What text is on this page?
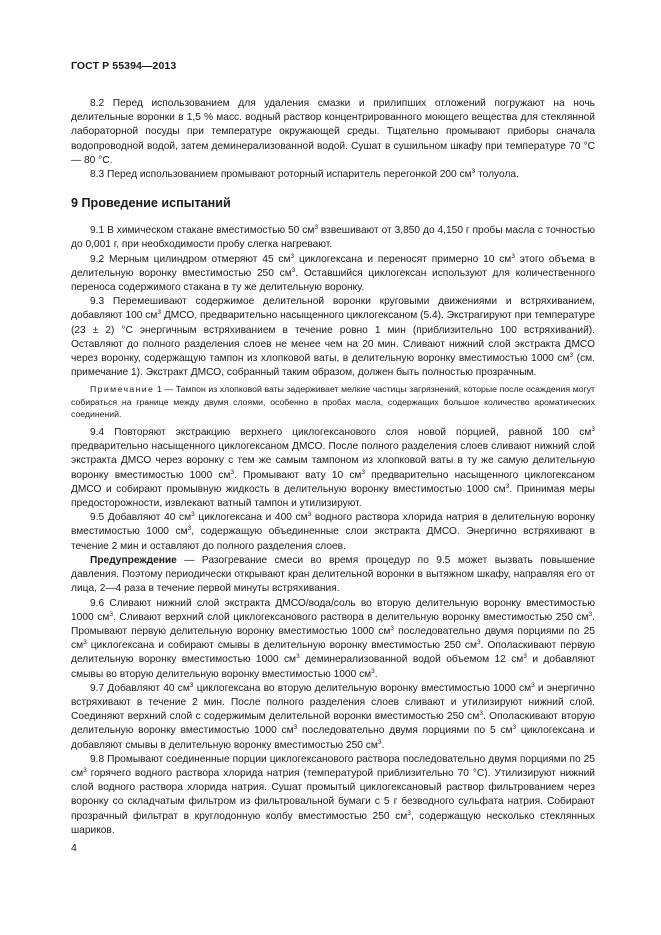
ГОСТ Р 55394—2013

8.2 Перед использованием для удаления смазки и прилипших отложений погружают на ночь делительные воронки в 1,5 % масс. водный раствор концентрированного моющего вещества для стеклянной лабораторной посуды при температуре окружающей среды. Тщательно промывают приборы сначала водопроводной водой, затем деминерализованной водой. Сушат в сушильном шкафу при температуре 70 °С — 80 °С.

8.3 Перед использованием промывают роторный испаритель перегонкой 200 $см^3$ толуола.

9 Проведение испытаний

9.1 В химическом стакане вместимостью 50 $см^3$ взвешивают от 3,850 до 4,150 г пробы масла с точностью до 0,001 г, при необходимости пробу слегка нагревают.

9.2 Мерным цилиндром отмеряют 45 $см^3$ циклогексана и переносят примерно 10 $см^3$ этого объема в делительную воронку вместимостью 250 $см^3$. Оставшийся циклогексан используют для количественного переноса содержимого стакана в ту же делительную воронку.

9.3 Перемешивают содержимое делительной воронки круговыми движениями и встряхиванием, добавляют 100 $см^3$ ДМСО, предварительно насыщенного циклогексаном (5.4). Экстрагируют при температуре (23 ± 2) °С энергичным встряхиванием в течение ровно 1 мин (приблизительно 100 встряхиваний). Оставляют до полного разделения слоев не менее чем на 20 мин. Сливают нижний слой экстракта ДМСО через воронку, содержащую тампон из хлопковой ваты, в делительную воронку вместимостью 1000 $см^3$ (см. примечание 1). Экстракт ДМСО, собранный таким образом, должен быть полностью прозрачным.

Примечание 1 — Тампон из хлопковой ваты задерживает мелкие частицы загрязнений, которые после осаждения могут собираться на границе между двумя слоями, особенно в пробах масла, содержащих большое количество ароматических соединений.

9.4 Повторяют экстракцию верхнего циклогексанового слоя новой порцией, равной 100 $см^3$ предварительно насыщенного циклогексаном ДМСО. После полного разделения слоев сливают нижний слой экстракта ДМСО через воронку с тем же самым тампоном из хлопковой ваты в ту же самую делительную воронку вместимостью 1000 $см^3$. Промывают вату 10 $см^3$ предварительно насыщенного циклогексаном ДМСО и собирают промывную жидкость в делительную воронку вместимостью 1000 $см^3$. Принимая меры предосторожности, извлекают ватный тампон и утилизируют.

9.5 Добавляют 40 $см^3$ циклогексана и 400 $см^3$ водного раствора хлорида натрия в делительную воронку вместимостью 1000 $см^3$, содержащую объединенные слои экстракта ДМСО. Энергично встряхивают в течение 2 мин и оставляют до полного разделения слоев.

Предупреждение — Разогревание смеси во время процедур по 9.5 может вызвать повышение давления. Поэтому периодически открывают кран делительной воронки в вытяжном шкафу, направляя его от лица, 2—4 раза в течение первой минуты встряхивания.

9.6 Сливают нижний слой экстракта ДМСО/вода/соль во вторую делительную воронку вместимостью 1000 $см^3$. Сливают верхний слой циклогексанового раствора в делительную воронку вместимостью 250 $см^3$. Промывают первую делительную воронку вместимостью 1000 $см^3$ последовательно двумя порциями по 25 $см^3$ циклогексана и собирают смывы в делительную воронку вместимостью 250 $см^3$. Ополаскивают первую делительную воронку вместимостью 1000 $см^3$ деминерализованной водой объемом 12 $см^3$ и добавляют смывы во вторую делительную воронку вместимостью 1000 $см^3$.

9.7 Добавляют 40 $см^3$ циклогексана во вторую делительную воронку вместимостью 1000 $см^3$ и энергично встряхивают в течение 2 мин. После полного разделения слоев сливают и утилизируют нижний слой. Соединяют верхний слой с содержимым делительной воронки вместимостью 250 $см^3$. Ополаскивают вторую делительную воронку вместимостью 1000 $см^3$ последовательно двумя порциями по 5 $см^3$ циклогексана и добавляют смывы в делительную воронку вместимостью 250 $см^3$.

9.8 Промывают соединенные порции циклогексанового раствора последовательно двумя порциями по 25 $см^3$ горячего водного раствора хлорида натрия (температурой приблизительно 70 °С). Утилизируют нижний слой водного раствора хлорида натрия. Сушат промытый циклогексановый раствор фильтрованием через воронку со складчатым фильтром из фильтровальной бумаги с 5 г безводного сульфата натрия. Собирают прозрачный фильтрат в круглодонную колбу вместимостью 250 $см^3$, содержащую несколько стеклянных шариков.

4
